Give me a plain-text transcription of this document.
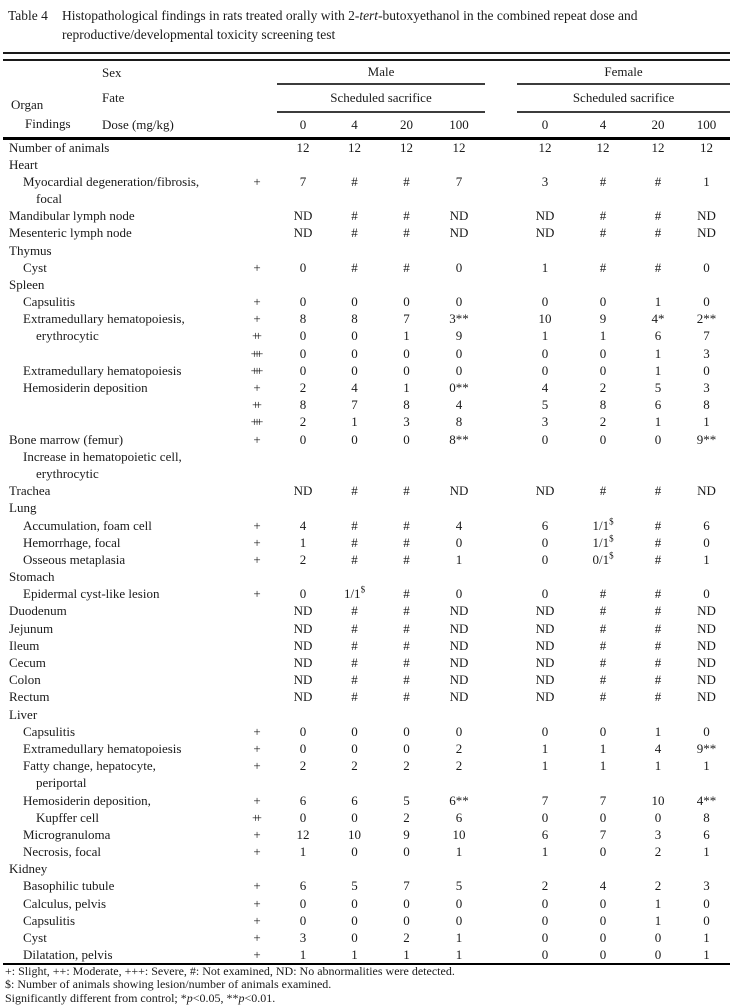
Table 4	Histopathological findings in rats treated orally with 2-tert-butoxyethanol in the combined repeat dose and reproductive/developmental toxicity screening test
Organ
Findings
Sex		Male					Female			
Fate		Scheduled sacrifice					Scheduled sacrifice			
Dose (mg/kg)		0	4	20	100		0	4	20	100
Number of animals		12	12	12	12		12	12	12	12
Heart										
Myocardial degeneration/fibrosis,	+	7	#	#	7		3	#	#	1
focal										
Mandibular lymph node		ND	#	#	ND		ND	#	#	ND
Mesenteric lymph node		ND	#	#	ND		ND	#	#	ND
Thymus										
Cyst	+	0	#	#	0		1	#	#	0
Spleen										
Capsulitis	+	0	0	0	0		0	0	1	0
Extramedullary hematopoiesis,	+	8	8	7	3**		10	9	4*	2**
erythrocytic	++	0	0	1	9		1	1	6	7
	+++	0	0	0	0		0	0	1	3
Extramedullary hematopoiesis	+++	0	0	0	0		0	0	1	0
Hemosiderin deposition	+	2	4	1	0**		4	2	5	3
	++	8	7	8	4		5	8	6	8
	+++	2	1	3	8		3	2	1	1
Bone marrow (femur)	+	0	0	0	8**		0	0	0	9**
Increase in hematopoietic cell,										
erythrocytic										
Trachea		ND	#	#	ND		ND	#	#	ND
Lung										
Accumulation, foam cell	+	4	#	#	4		6	1/1$	#	6
Hemorrhage, focal	+	1	#	#	0		0	1/1$	#	0
Osseous metaplasia	+	2	#	#	1		0	0/1$	#	1
Stomach										
Epidermal cyst-like lesion	+	0	1/1$	#	0		0	#	#	0
Duodenum		ND	#	#	ND		ND	#	#	ND
Jejunum		ND	#	#	ND		ND	#	#	ND
Ileum		ND	#	#	ND		ND	#	#	ND
Cecum		ND	#	#	ND		ND	#	#	ND
Colon		ND	#	#	ND		ND	#	#	ND
Rectum		ND	#	#	ND		ND	#	#	ND
Liver										
Capsulitis	+	0	0	0	0		0	0	1	0
Extramedullary hematopoiesis	+	0	0	0	2		1	1	4	9**
Fatty change, hepatocyte,	+	2	2	2	2		1	1	1	1
periportal										
Hemosiderin deposition,	+	6	6	5	6**		7	7	10	4**
Kupffer cell	++	0	0	2	6		0	0	0	8
Microgranuloma	+	12	10	9	10		6	7	3	6
Necrosis, focal	+	1	0	0	1		1	0	2	1
Kidney										
Basophilic tubule	+	6	5	7	5		2	4	2	3
Calculus, pelvis	+	0	0	0	0		0	0	1	0
Capsulitis	+	0	0	0	0		0	0	1	0
Cyst	+	3	0	2	1		0	0	0	1
Dilatation, pelvis	+	1	1	1	1		0	0	0	1
+: Slight, ++: Moderate, +++: Severe, #: Not examined, ND: No abnormalities were detected.
$: Number of animals showing lesion/number of animals examined.
Significantly different from control; *p<0.05, **p<0.01.
